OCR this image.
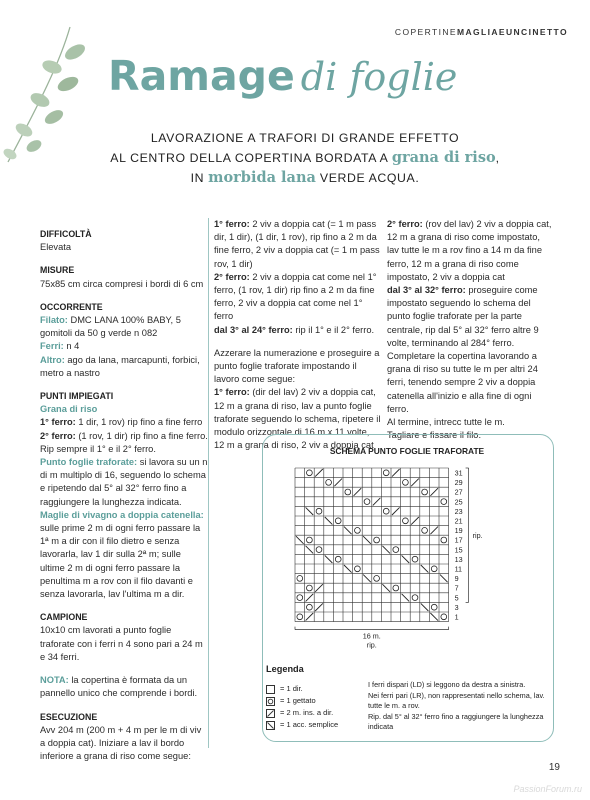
COPERTINEMAGLIAEUNCINETTO
Ramage di foglie
LAVORAZIONE A TRAFORI DI GRANDE EFFETTO
AL CENTRO DELLA COPERTINA BORDATA A grana di riso,
IN morbida lana VERDE ACQUA.

DIFFICOLTÀ

Elevata

MISURE

75x85 cm circa compresi i bordi di 6 cm

OCCORRENTE

Filato: DMC LANA 100% BABY, 5 gomitoli da 50 g verde n 082

Ferri: n 4

Altro: ago da lana, marcapunti, forbici, metro a nastro

PUNTI IMPIEGATI

Grana di riso

1° ferro: 1 dir, 1 rov) rip fino a fine ferro

2° ferro: (1 rov, 1 dir) rip fino a fine ferro. Rip sempre il 1° e il 2° ferro.

Punto foglie traforate: si lavora su un n di m multiplo di 16, seguendo lo schema e ripetendo dal 5° al 32° ferro fino a raggiungere la lunghezza indicata.

Maglie di vivagno a doppia catenella: sulle prime 2 m di ogni ferro passare la 1ª m a dir con il filo dietro e senza lavorarla, lav 1 dir sulla 2ª m; sulle ultime 2 m di ogni ferro passare la penultima m a rov con il filo davanti e senza lavorarla, lav l'ultima m a dir.

CAMPIONE

10x10 cm lavorati a punto foglie traforate con i ferri n 4 sono pari a 24 m e 34 ferri.

NOTA: la copertina è formata da un pannello unico che comprende i bordi.

ESECUZIONE

Avv 204 m (200 m + 4 m per le m di viv a doppia cat). Iniziare a lav il bordo inferiore a grana di riso come segue:

1° ferro: 2 viv a doppia cat (= 1 m pass dir, 1 dir), (1 dir, 1 rov), rip fino a 2 m da fine ferro, 2 viv a doppia cat (= 1 m pass rov, 1 dir)

2° ferro: 2 viv a doppia cat come nel 1° ferro, (1 rov, 1 dir) rip fino a 2 m da fine ferro, 2 viv a doppia cat come nel 1° ferro

dal 3° al 24° ferro: rip il 1° e il 2° ferro.

Azzerare la numerazione e proseguire a punto foglie traforate impostando il lavoro come segue:

1° ferro: (dir del lav) 2 viv a doppia cat, 12 m a grana di riso, lav a punto foglie traforate seguendo lo schema, ripetere il modulo orizzontale di 16 m x 11 volte, 12 m a grana di riso, 2 viv a doppia cat

2° ferro: (rov del lav) 2 viv a doppia cat, 12 m a grana di riso come impostato, lav tutte le m a rov fino a 14 m da fine ferro, 12 m a grana di riso come impostato, 2 viv a doppia cat

dal 3° al 32° ferro: proseguire come impostato seguendo lo schema del punto foglie traforate per la parte centrale, rip dal 5° al 32° ferro altre 9 volte, terminando al 284° ferro.

Completare la copertina lavorando a grana di riso su tutte le m per altri 24 ferri, tenendo sempre 2 viv a doppia catenella all'inizio e alla fine di ogni ferro.

Al termine, intrecc tutte le m.

Tagliare e fissare il filo.

SCHEMA PUNTO FOGLIE TRAFORATE
31
29
27
25
23
21
19
17
15
13
11
9
7
5
3
1
rip.
16 m.
rip.
Legenda
= 1 dir.
= 1 gettato
= 2 m. ins. a dir.
= 1 acc. semplice
I ferri dispari (LD) si leggono da destra a sinistra.
Nei ferri pari (LR), non rappresentati nello schema, lav. tutte le m. a rov.
Rip. dal 5° al 32° ferro fino a raggiungere la lunghezza indicata
19
PassionForum.ru
